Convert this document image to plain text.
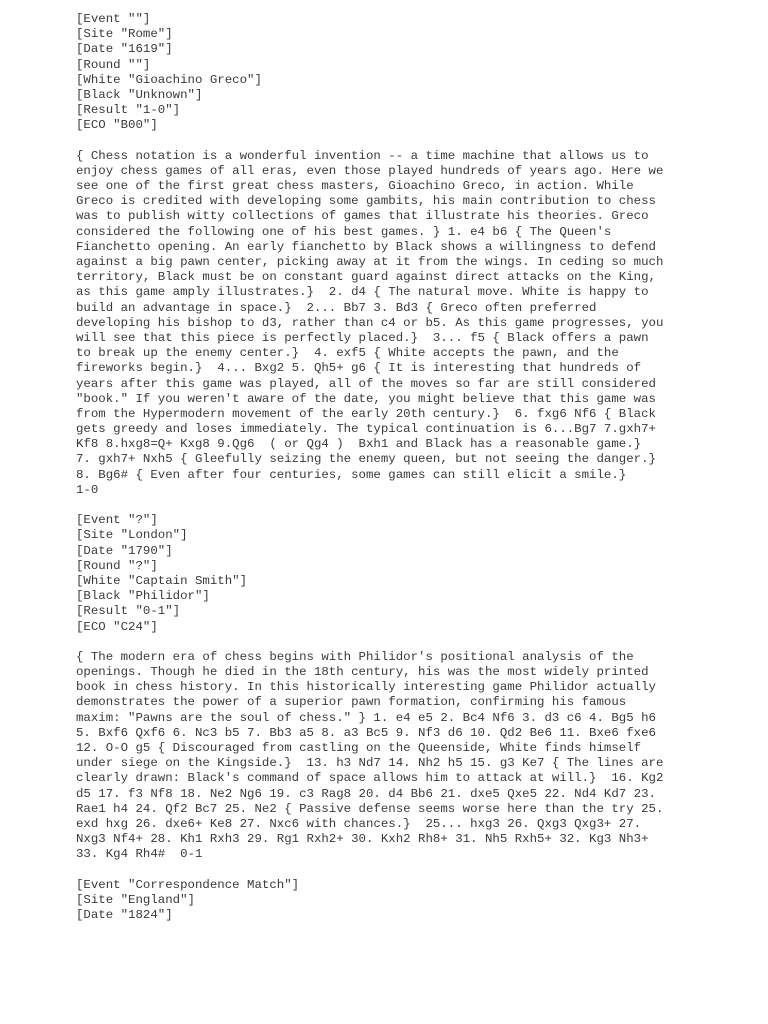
[Event ""]
[Site "Rome"]
[Date "1619"]
[Round ""]
[White "Gioachino Greco"]
[Black "Unknown"]
[Result "1-0"]
[ECO "B00"]
{ Chess notation is a wonderful invention -- a time machine that allows us to
enjoy chess games of all eras, even those played hundreds of years ago. Here we
see one of the first great chess masters, Gioachino Greco, in action. While
Greco is credited with developing some gambits, his main contribution to chess
was to publish witty collections of games that illustrate his theories. Greco
considered the following one of his best games. } 1. e4 b6 { The Queen's
Fianchetto opening. An early fianchetto by Black shows a willingness to defend
against a big pawn center, picking away at it from the wings. In ceding so much
territory, Black must be on constant guard against direct attacks on the King,
as this game amply illustrates.}  2. d4 { The natural move. White is happy to
build an advantage in space.}  2... Bb7 3. Bd3 { Greco often preferred
developing his bishop to d3, rather than c4 or b5. As this game progresses, you
will see that this piece is perfectly placed.}  3... f5 { Black offers a pawn
to break up the enemy center.}  4. exf5 { White accepts the pawn, and the
fireworks begin.}  4... Bxg2 5. Qh5+ g6 { It is interesting that hundreds of
years after this game was played, all of the moves so far are still considered
"book." If you weren't aware of the date, you might believe that this game was
from the Hypermodern movement of the early 20th century.}  6. fxg6 Nf6 { Black
gets greedy and loses immediately. The typical continuation is 6...Bg7 7.gxh7+
Kf8 8.hxg8=Q+ Kxg8 9.Qg6  ( or Qg4 )  Bxh1 and Black has a reasonable game.}
7. gxh7+ Nxh5 { Gleefully seizing the enemy queen, but not seeing the danger.}
8. Bg6# { Even after four centuries, some games can still elicit a smile.}
1-0
[Event "?"]
[Site "London"]
[Date "1790"]
[Round "?"]
[White "Captain Smith"]
[Black "Philidor"]
[Result "0-1"]
[ECO "C24"]
{ The modern era of chess begins with Philidor's positional analysis of the
openings. Though he died in the 18th century, his was the most widely printed
book in chess history. In this historically interesting game Philidor actually
demonstrates the power of a superior pawn formation, confirming his famous
maxim: "Pawns are the soul of chess." } 1. e4 e5 2. Bc4 Nf6 3. d3 c6 4. Bg5 h6
5. Bxf6 Qxf6 6. Nc3 b5 7. Bb3 a5 8. a3 Bc5 9. Nf3 d6 10. Qd2 Be6 11. Bxe6 fxe6
12. O-O g5 { Discouraged from castling on the Queenside, White finds himself
under siege on the Kingside.}  13. h3 Nd7 14. Nh2 h5 15. g3 Ke7 { The lines are
clearly drawn: Black's command of space allows him to attack at will.}  16. Kg2
d5 17. f3 Nf8 18. Ne2 Ng6 19. c3 Rag8 20. d4 Bb6 21. dxe5 Qxe5 22. Nd4 Kd7 23.
Rae1 h4 24. Qf2 Bc7 25. Ne2 { Passive defense seems worse here than the try 25.
exd hxg 26. dxe6+ Ke8 27. Nxc6 with chances.}  25... hxg3 26. Qxg3 Qxg3+ 27.
Nxg3 Nf4+ 28. Kh1 Rxh3 29. Rg1 Rxh2+ 30. Kxh2 Rh8+ 31. Nh5 Rxh5+ 32. Kg3 Nh3+
33. Kg4 Rh4#  0-1
[Event "Correspondence Match"]
[Site "England"]
[Date "1824"]
